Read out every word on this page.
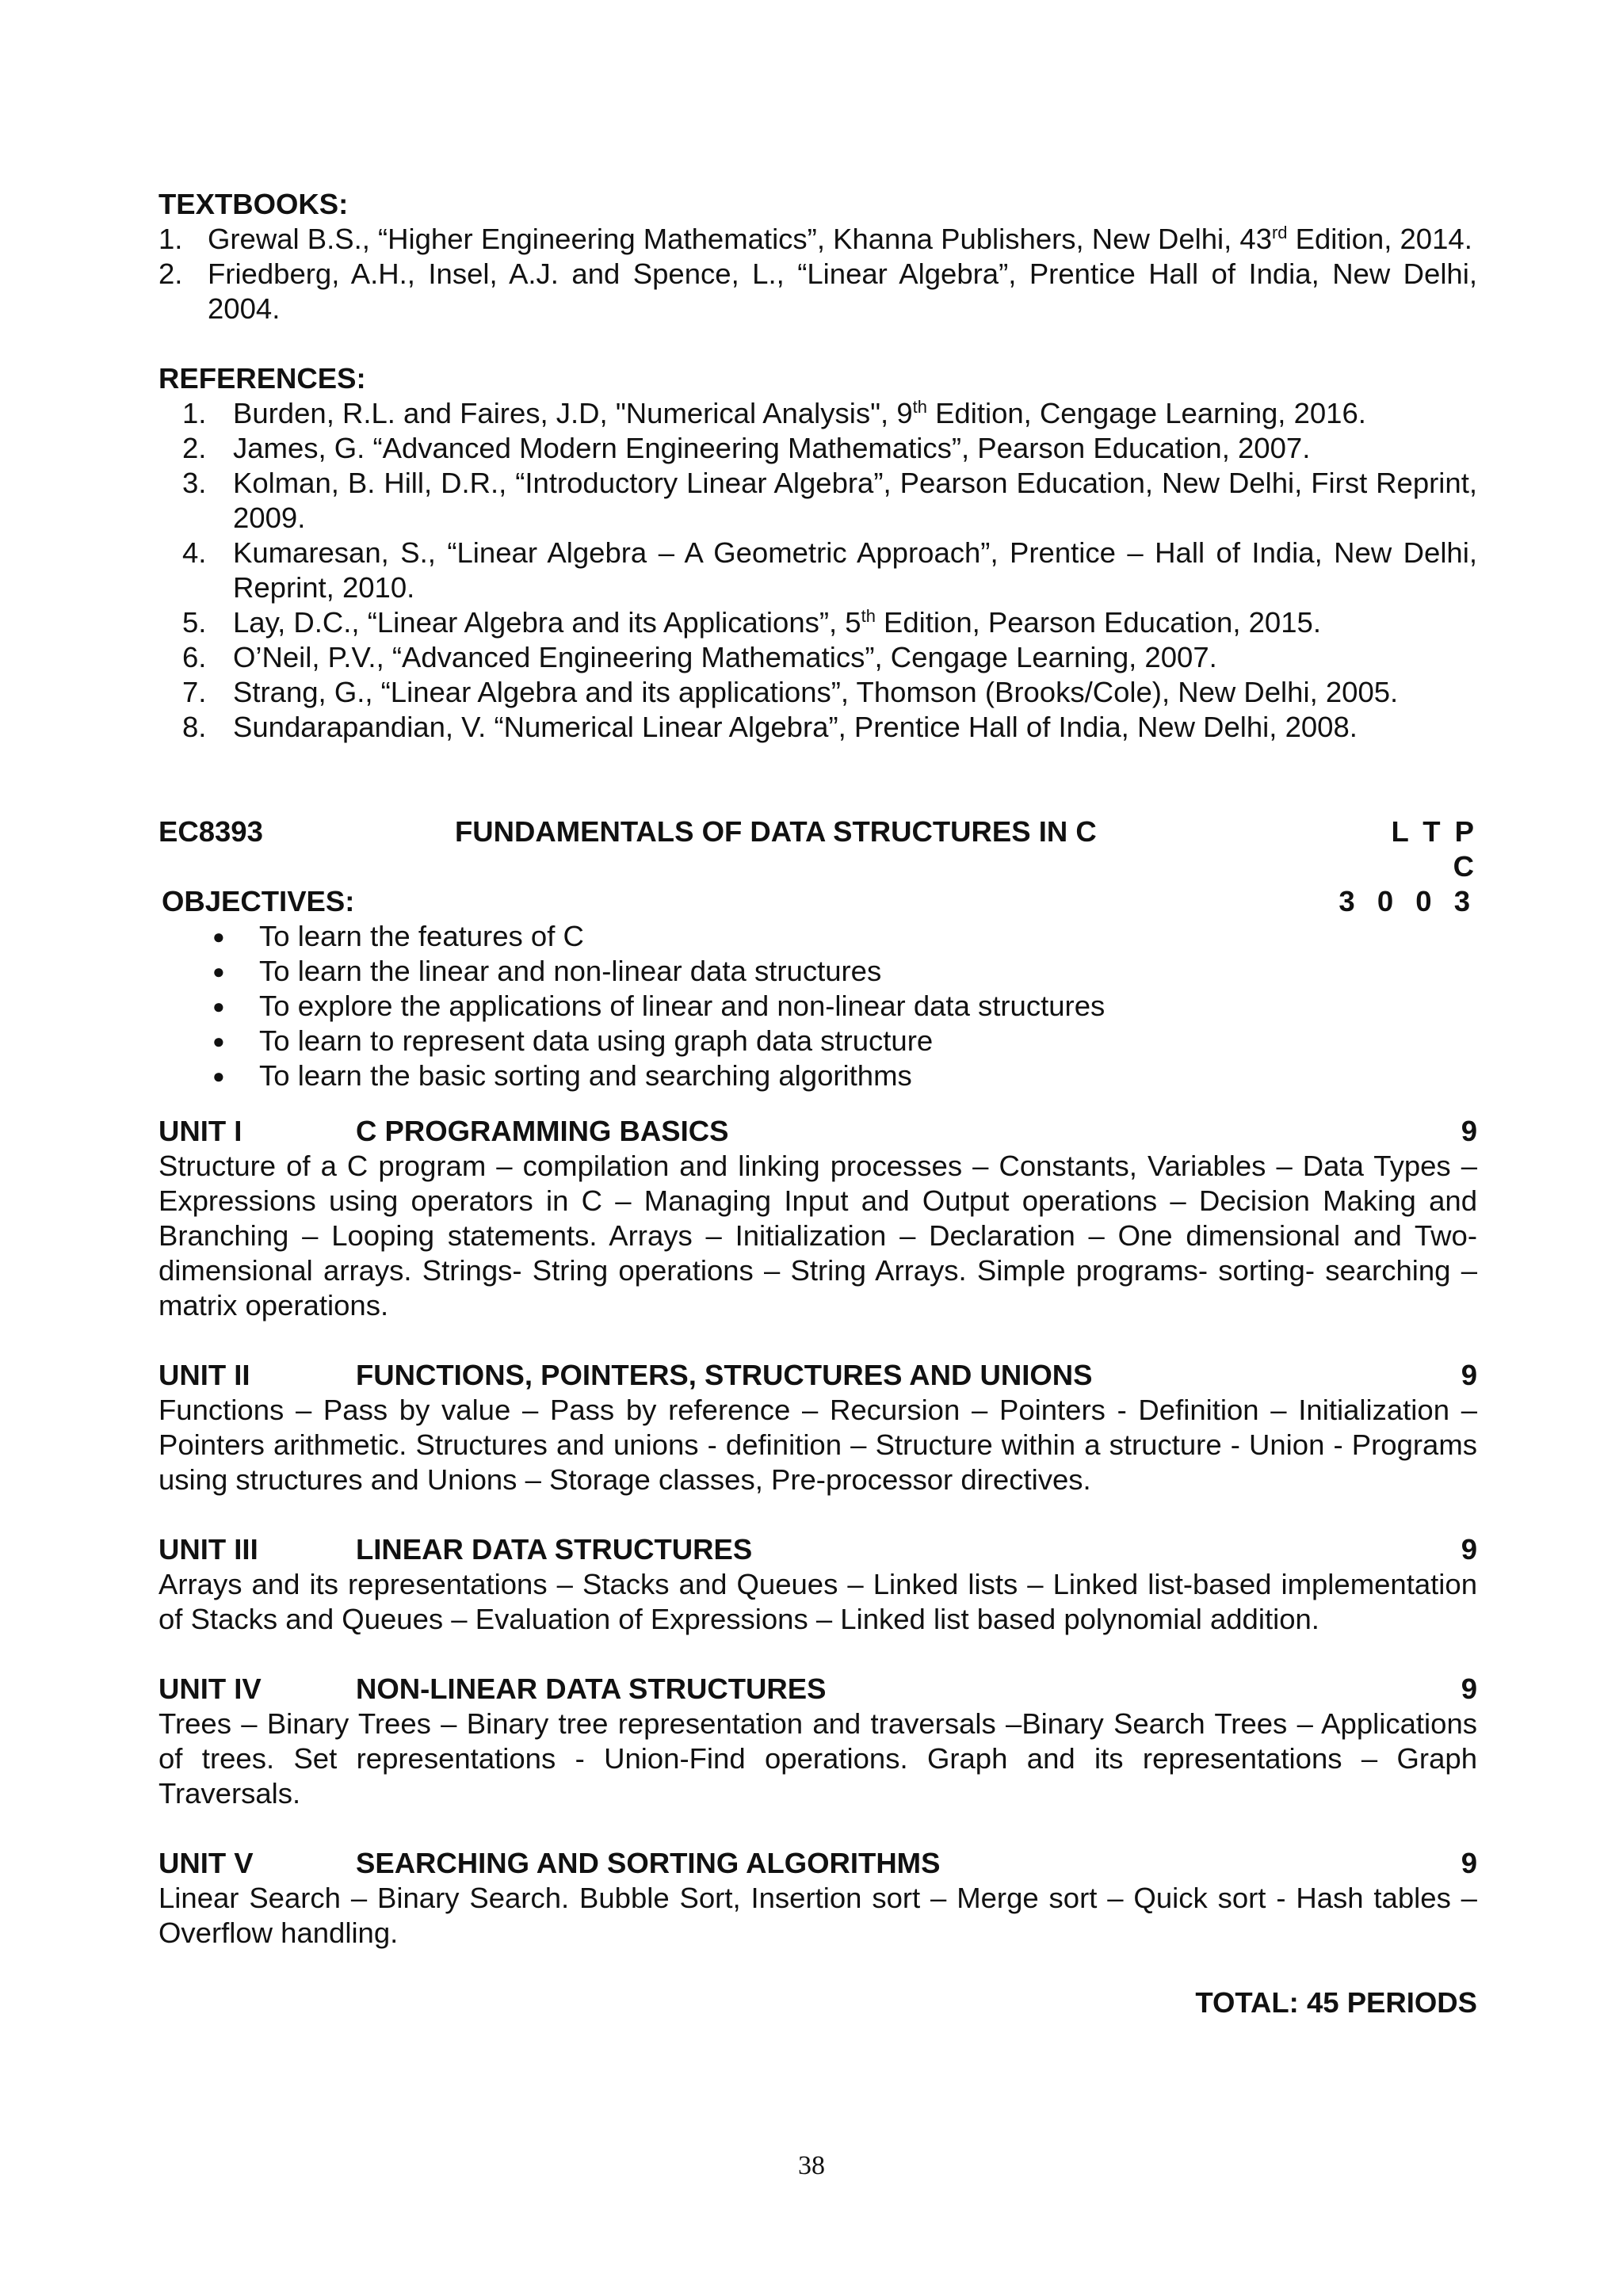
TEXTBOOKS:
1. Grewal B.S., “Higher Engineering Mathematics”, Khanna Publishers, New Delhi, 43rd Edition, 2014.
2. Friedberg, A.H., Insel, A.J. and Spence, L., “Linear Algebra”, Prentice Hall of India, New Delhi, 2004.
REFERENCES:
1. Burden, R.L. and Faires, J.D, "Numerical Analysis", 9th Edition, Cengage Learning, 2016.
2. James, G. “Advanced Modern Engineering Mathematics”, Pearson Education, 2007.
3. Kolman, B. Hill, D.R., “Introductory Linear Algebra”, Pearson Education, New Delhi, First Reprint, 2009.
4. Kumaresan, S., “Linear Algebra – A Geometric Approach”, Prentice – Hall of India, New Delhi, Reprint, 2010.
5. Lay, D.C., “Linear Algebra and its Applications”, 5th Edition, Pearson Education, 2015.
6. O’Neil, P.V., “Advanced Engineering Mathematics”, Cengage Learning, 2007.
7. Strang, G., “Linear Algebra and its applications”, Thomson (Brooks/Cole), New Delhi, 2005.
8. Sundarapandian, V. “Numerical Linear Algebra”, Prentice Hall of India, New Delhi, 2008.
EC8393	FUNDAMENTALS OF DATA STRUCTURES IN C	L T P C
3 0 0 3
OBJECTIVES:
● To learn the features of C
● To learn the linear and non-linear data structures
● To explore the applications of linear and non-linear data structures
● To learn to represent data using graph data structure
● To learn the basic sorting and searching algorithms
UNIT I	C PROGRAMMING BASICS	9
Structure of a C program – compilation and linking processes – Constants, Variables – Data Types – Expressions using operators in C – Managing Input and Output operations – Decision Making and Branching – Looping statements. Arrays – Initialization – Declaration – One dimensional and Two-dimensional arrays. Strings- String operations – String Arrays. Simple programs- sorting- searching – matrix operations.
UNIT II	FUNCTIONS, POINTERS, STRUCTURES AND UNIONS	9
Functions – Pass by value – Pass by reference – Recursion – Pointers - Definition – Initialization – Pointers arithmetic. Structures and unions - definition – Structure within a structure - Union - Programs using structures and Unions – Storage classes, Pre-processor directives.
UNIT III	LINEAR DATA STRUCTURES	9
Arrays and its representations – Stacks and Queues – Linked lists – Linked list-based implementation of Stacks and Queues – Evaluation of Expressions – Linked list based polynomial addition.
UNIT IV	NON-LINEAR DATA STRUCTURES	9
Trees – Binary Trees – Binary tree representation and traversals –Binary Search Trees – Applications of trees. Set representations - Union-Find operations. Graph and its representations – Graph Traversals.
UNIT V	SEARCHING AND SORTING ALGORITHMS	9
Linear Search – Binary Search. Bubble Sort, Insertion sort – Merge sort – Quick sort - Hash tables – Overflow handling.
TOTAL: 45 PERIODS
38
